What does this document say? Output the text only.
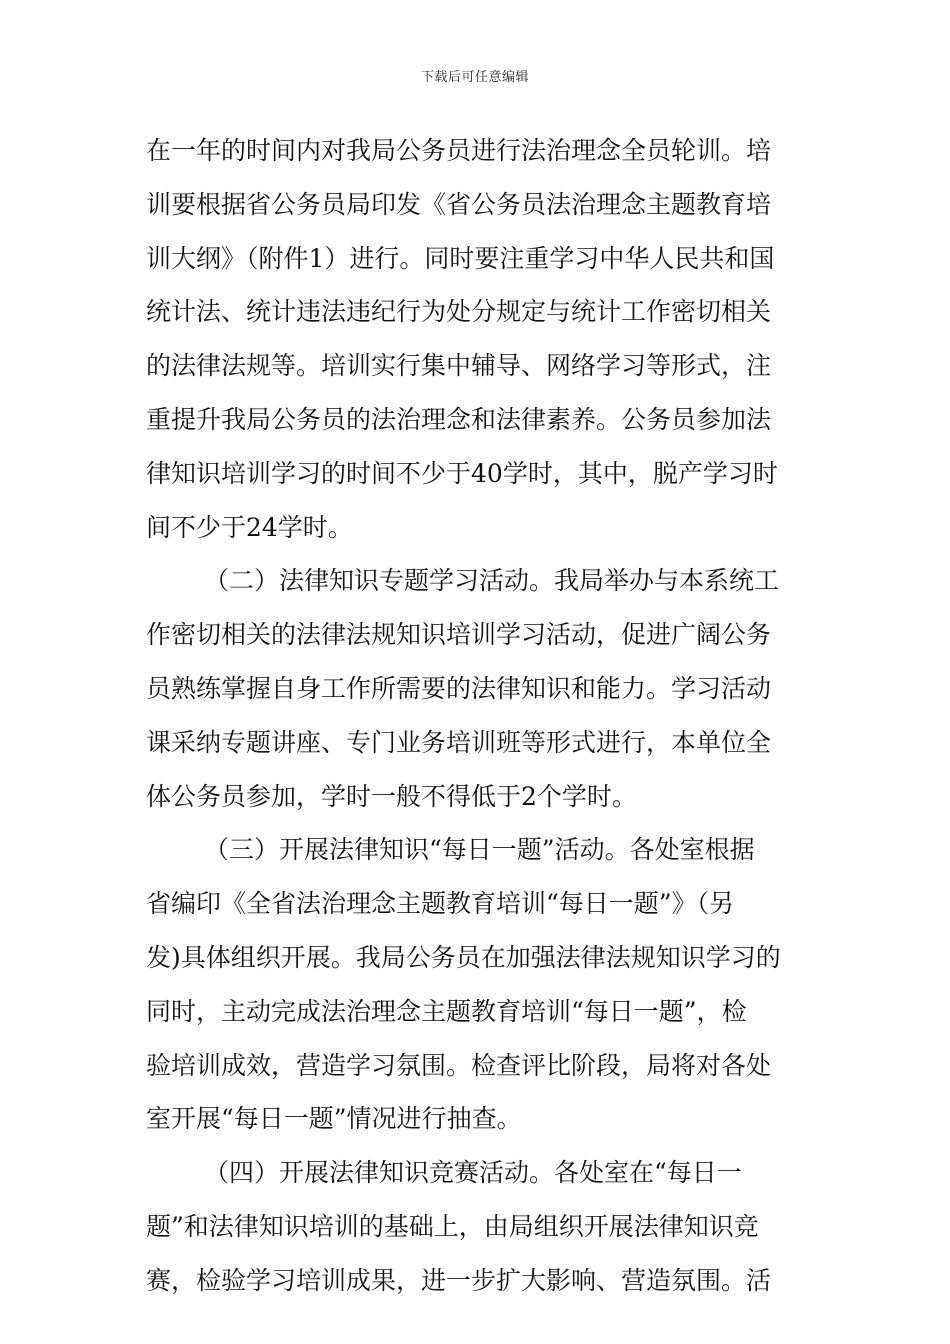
下载后可任意编辑
在一年的时间内对我局公务员进行法治理念全员轮训。培
训要根据省公务员局印发《省公务员法治理念主题教育培
训大纲》（附件1）进行。同时要注重学习中华人民共和国
统计法、统计违法违纪行为处分规定与统计工作密切相关
的法律法规等。培训实行集中辅导、网络学习等形式，注
重提升我局公务员的法治理念和法律素养。公务员参加法
律知识培训学习的时间不少于40学时，其中，脱产学习时
间不少于24学时。
（二）法律知识专题学习活动。我局举办与本系统工
作密切相关的法律法规知识培训学习活动，促进广阔公务
员熟练掌握自身工作所需要的法律知识和能力。学习活动
课采纳专题讲座、专门业务培训班等形式进行，本单位全
体公务员参加，学时一般不得低于2个学时。
（三）开展法律知识“每日一题”活动。各处室根据
省编印《全省法治理念主题教育培训“每日一题”》（另
发)具体组织开展。我局公务员在加强法律法规知识学习的
同时，主动完成法治理念主题教育培训“每日一题”，检
验培训成效，营造学习氛围。检查评比阶段，局将对各处
室开展“每日一题”情况进行抽查。
（四）开展法律知识竞赛活动。各处室在“每日一
题”和法律知识培训的基础上，由局组织开展法律知识竞
赛，检验学习培训成果，进一步扩大影响、营造氛围。活
